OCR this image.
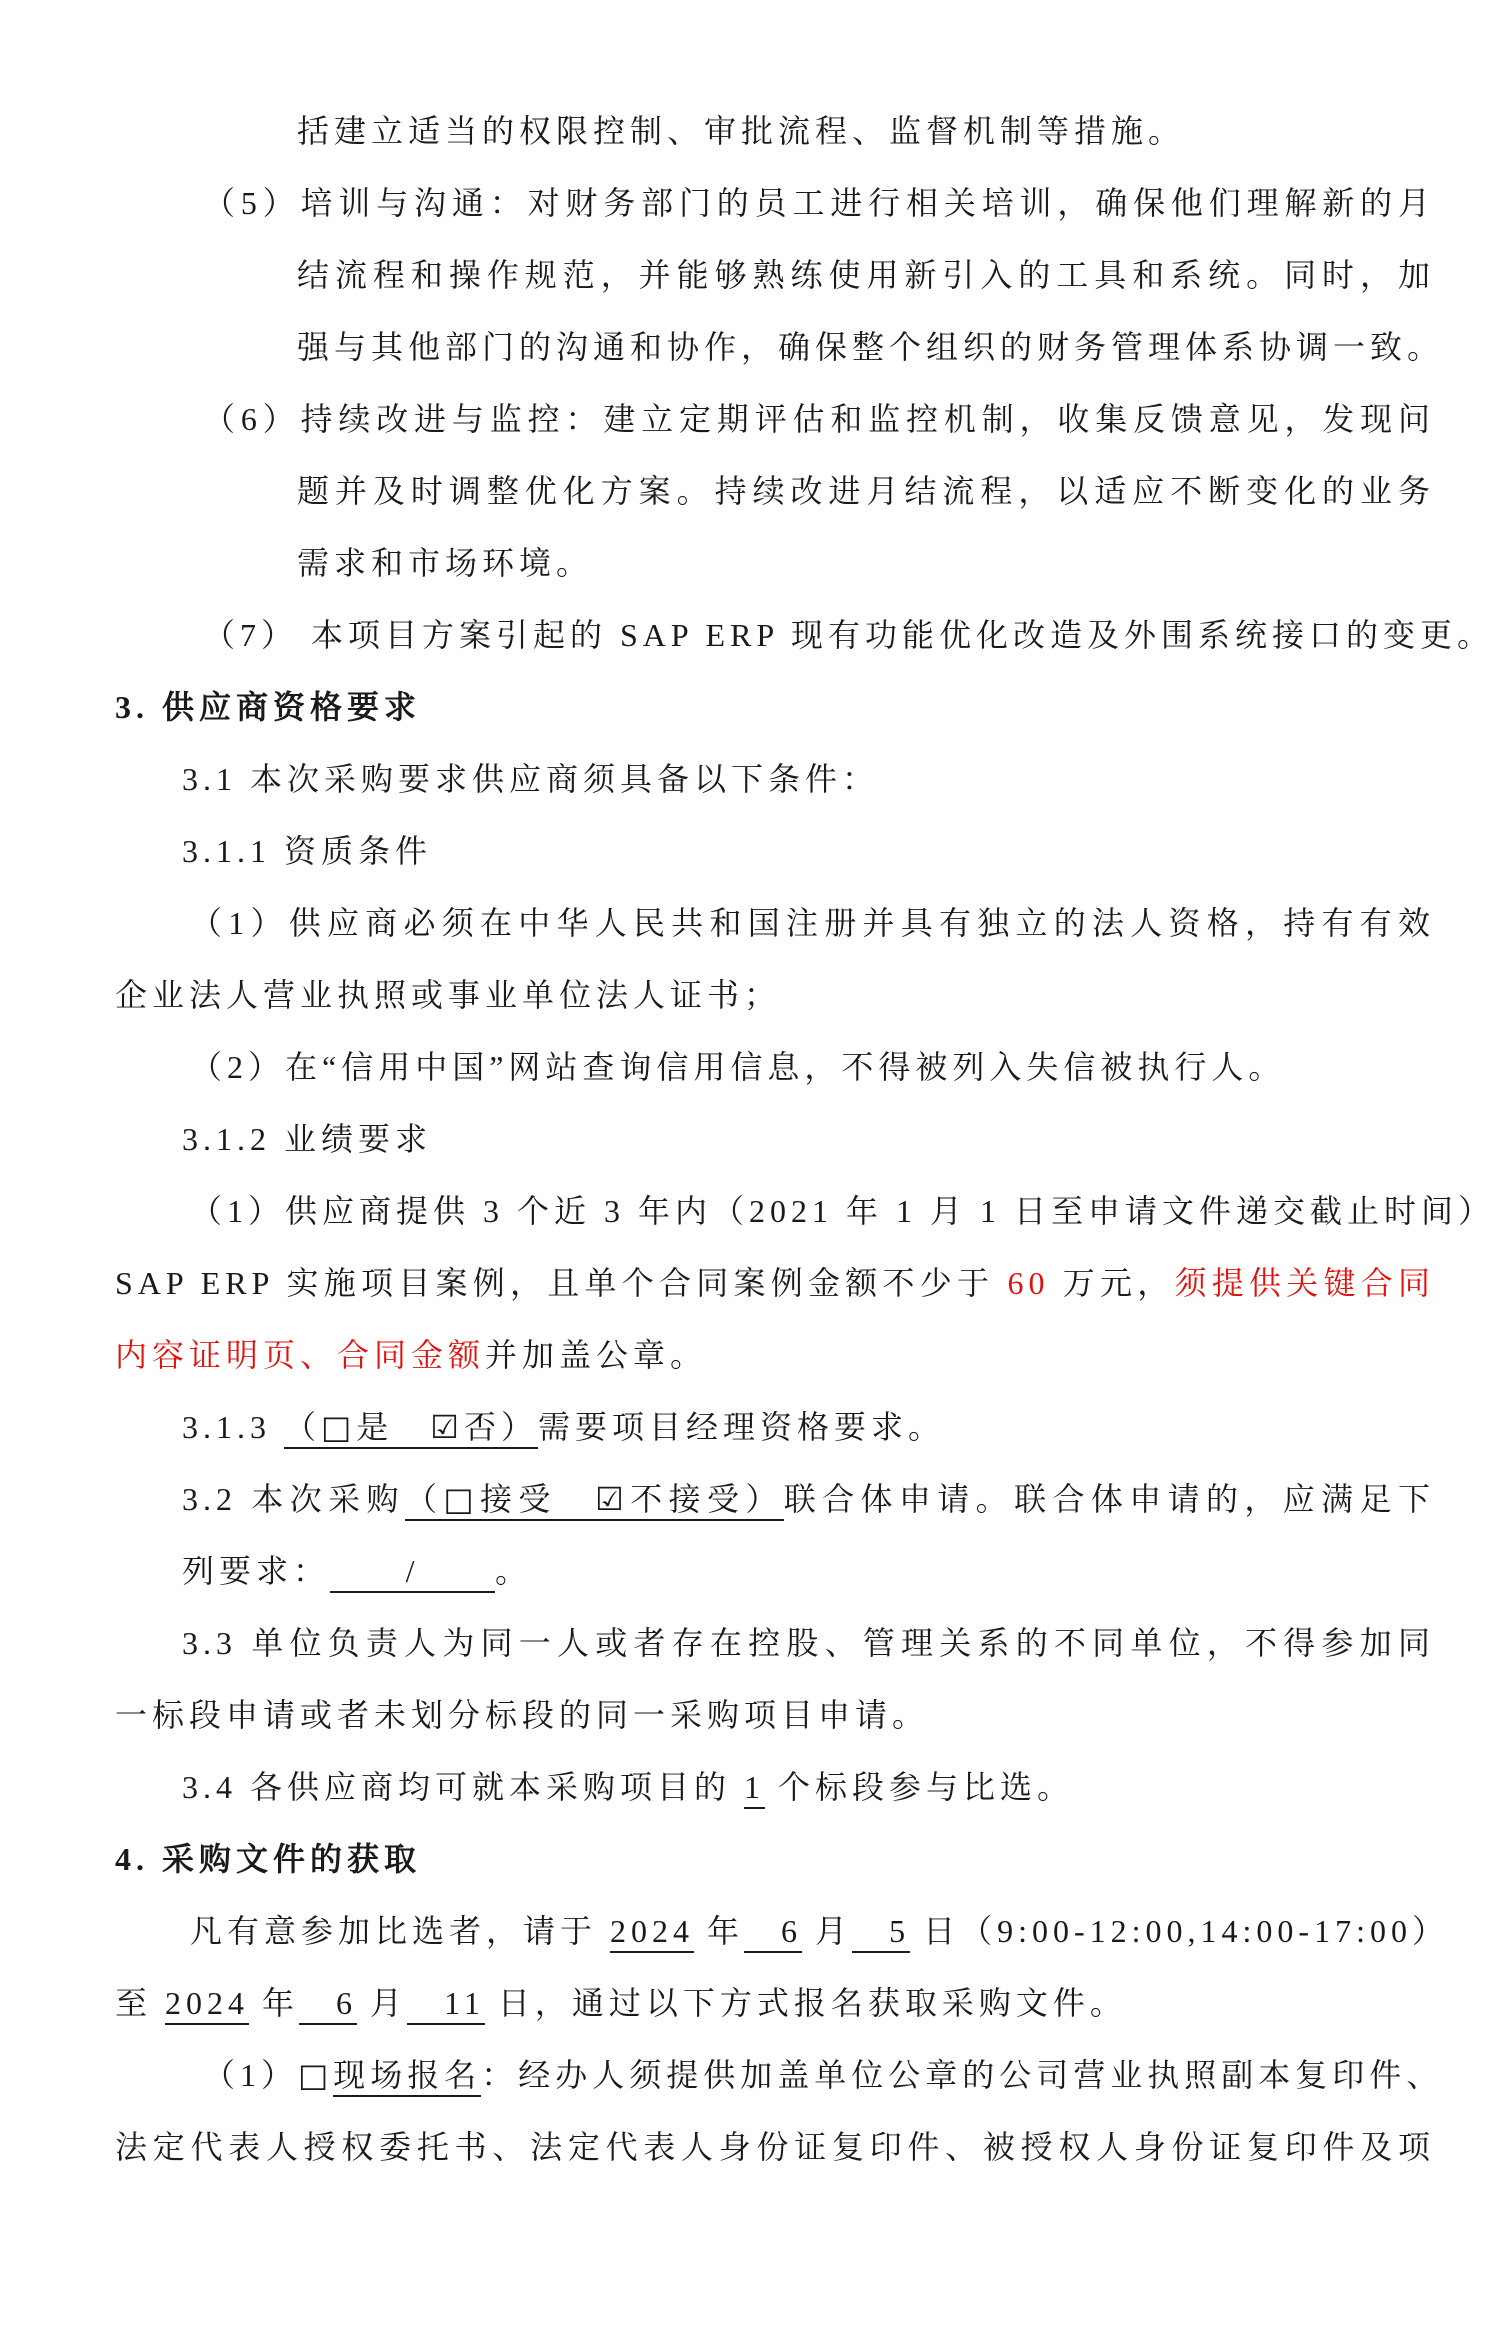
括建立适当的权限控制、审批流程、监督机制等措施。
（5）培训与沟通：对财务部门的员工进行相关培训，确保他们理解新的月
结流程和操作规范，并能够熟练使用新引入的工具和系统。同时，加
强与其他部门的沟通和协作，确保整个组织的财务管理体系协调一致。
（6）持续改进与监控：建立定期评估和监控机制，收集反馈意见，发现问
题并及时调整优化方案。持续改进月结流程，以适应不断变化的业务
需求和市场环境。
（7） 本项目方案引起的 SAP ERP 现有功能优化改造及外围系统接口的变更。
3. 供应商资格要求
3.1 本次采购要求供应商须具备以下条件：
3.1.1 资质条件
（1）供应商必须在中华人民共和国注册并具有独立的法人资格，持有有效
企业法人营业执照或事业单位法人证书；
（2）在“信用中国”网站查询信用信息，不得被列入失信被执行人。
3.1.2 业绩要求
（1）供应商提供 3 个近 3 年内（2021 年 1 月 1 日至申请文件递交截止时间）
SAP ERP 实施项目案例，且单个合同案例金额不少于 60 万元，须提供关键合同
内容证明页、合同金额并加盖公章。
3.1.3 （□是　☑否）需要项目经理资格要求。
3.2 本次采购（□接受　☑不接受）联合体申请。联合体申请的，应满足下
列要求： / 。
3.3 单位负责人为同一人或者存在控股、管理关系的不同单位，不得参加同
一标段申请或者未划分标段的同一采购项目申请。
3.4 各供应商均可就本采购项目的 1 个标段参与比选。
4. 采购文件的获取
凡有意参加比选者，请于 2024 年　6 月　5 日（9:00-12:00,14:00-17:00）
至 2024 年　6 月　11 日，通过以下方式报名获取采购文件。
（1）□现场报名：经办人须提供加盖单位公章的公司营业执照副本复印件、
法定代表人授权委托书、法定代表人身份证复印件、被授权人身份证复印件及项
